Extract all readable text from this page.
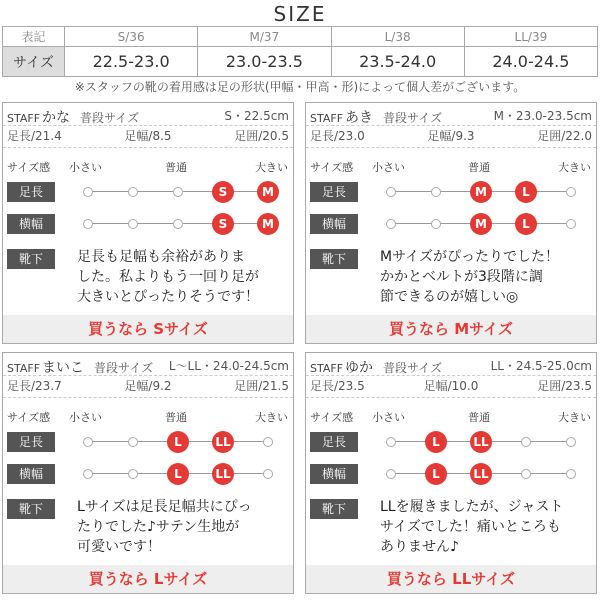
SIZE
表記	S/36	M/37	L/38	LL/39
サイズ	22.5-23.0	23.0-23.5	23.5-24.0	24.0-24.5
※スタッフの靴の着用感は足の形状(甲幅・甲高・形)によって個人差がございます。
STAFF かな 普段サイズ	S・22.5cm
足長/21.4	足幅/8.5	足囲/20.5
サイズ感 小さい	普通	大きい
足長	S	M
横幅	S	M
靴下	足長も足幅も余裕がありま
した。私よりもう一回り足が
大きいとぴったりそうです！
買うなら Sサイズ
STAFF あき 普段サイズ	M・23.0-23.5cm
足長/23.0	足幅/9.3	足囲/22.0
サイズ感 小さい	普通	大きい
足長	M	L
横幅	M	L
靴下	Mサイズがぴったりでした！
かかとベルトが3段階に調
節できるのが嬉しい◎
買うなら Mサイズ
STAFF まいこ 普段サイズ L〜LL・24.0-24.5cm
足長/23.7	足幅/9.2	足囲/21.5
サイズ感 小さい	普通	大きい
足長	L	LL
横幅	L	LL
靴下	Lサイズは足長足幅共にぴっ
たりでした♪サテン生地が
可愛いです！
買うなら Lサイズ
STAFF ゆか 普段サイズ	LL・24.5-25.0cm
足長/23.5	足幅/10.0	足囲/23.5
サイズ感 小さい	普通	大きい
足長	L	LL
横幅	L	LL
靴下	LLを履きましたが、ジャスト
サイズでした！痛いところも
ありません♪
買うなら LLサイズ
